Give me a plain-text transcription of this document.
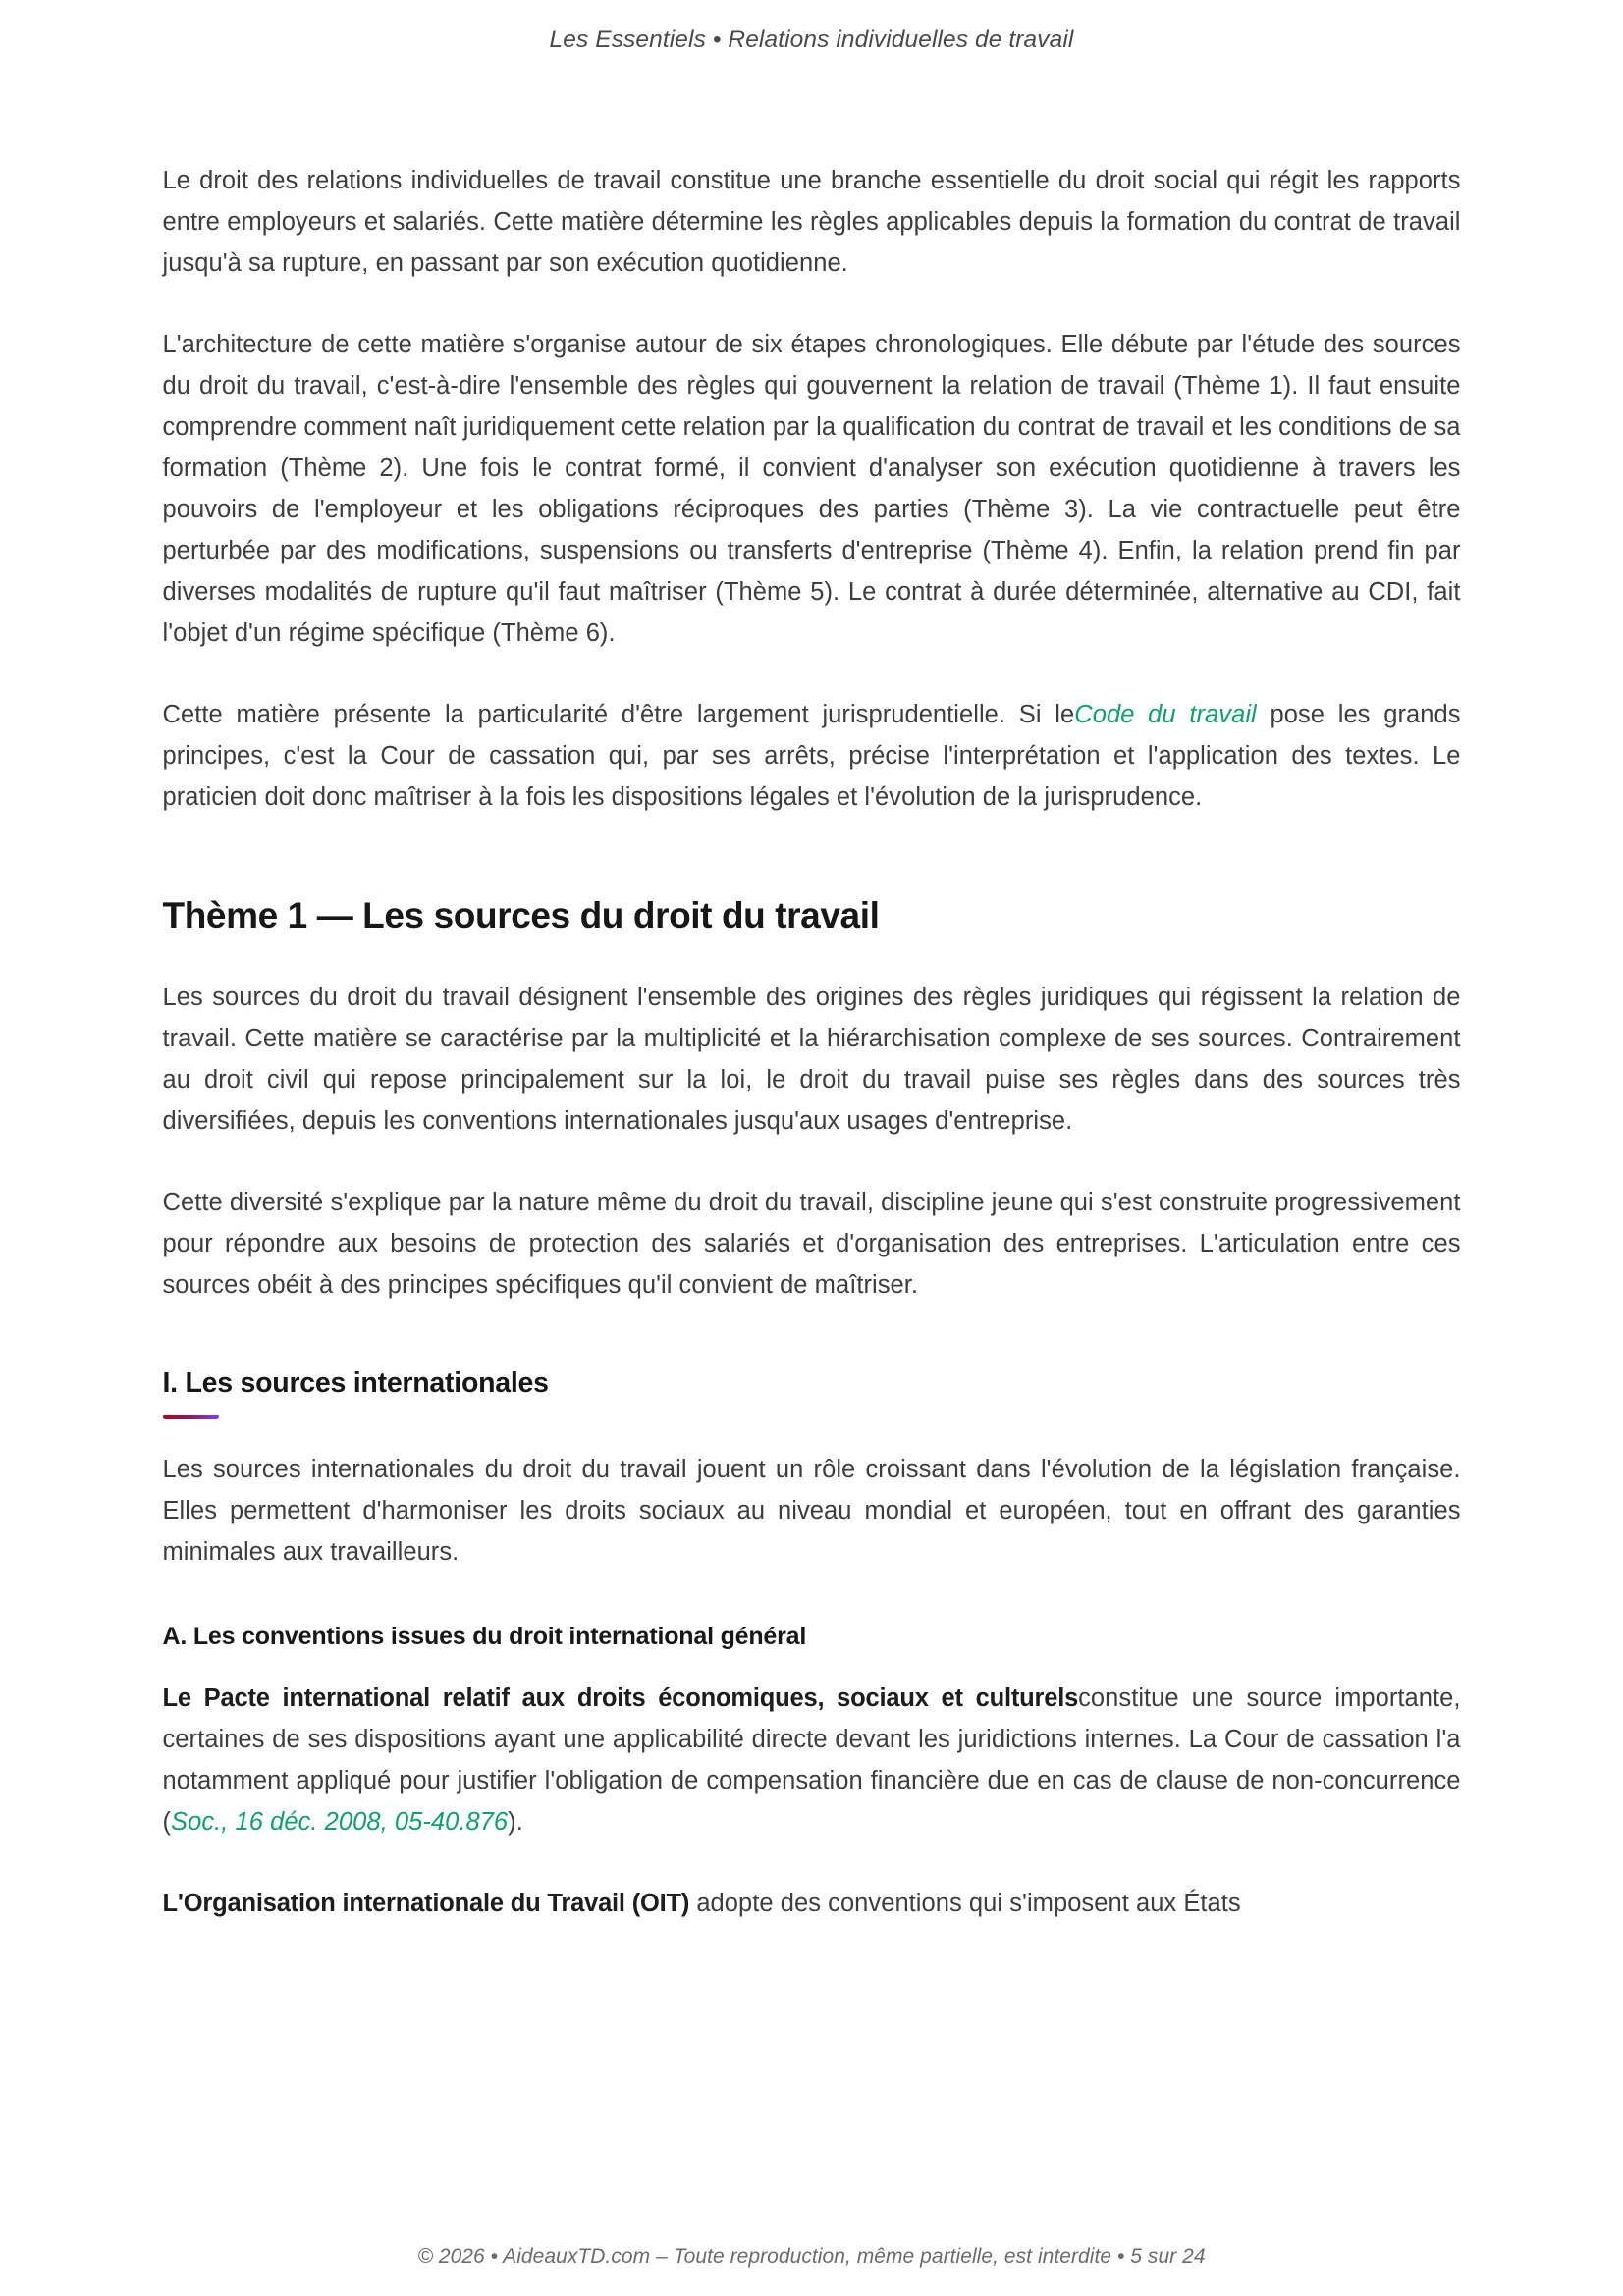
Les Essentiels • Relations individuelles de travail

Le droit des relations individuelles de travail constitue une branche essentielle du droit social qui régit les rapports entre employeurs et salariés. Cette matière détermine les règles applicables depuis la formation du contrat de travail jusqu'à sa rupture, en passant par son exécution quotidienne.

L'architecture de cette matière s'organise autour de six étapes chronologiques. Elle débute par l'étude des sources du droit du travail, c'est-à-dire l'ensemble des règles qui gouvernent la relation de travail (Thème 1). Il faut ensuite comprendre comment naît juridiquement cette relation par la qualification du contrat de travail et les conditions de sa formation (Thème 2). Une fois le contrat formé, il convient d'analyser son exécution quotidienne à travers les pouvoirs de l'employeur et les obligations réciproques des parties (Thème 3). La vie contractuelle peut être perturbée par des modifications, suspensions ou transferts d'entreprise (Thème 4). Enfin, la relation prend fin par diverses modalités de rupture qu'il faut maîtriser (Thème 5). Le contrat à durée déterminée, alternative au CDI, fait l'objet d'un régime spécifique (Thème 6).

Cette matière présente la particularité d'être largement jurisprudentielle. Si leCode du travail pose les grands principes, c'est la Cour de cassation qui, par ses arrêts, précise l'interprétation et l'application des textes. Le praticien doit donc maîtriser à la fois les dispositions légales et l'évolution de la jurisprudence.

Thème 1 — Les sources du droit du travail

Les sources du droit du travail désignent l'ensemble des origines des règles juridiques qui régissent la relation de travail. Cette matière se caractérise par la multiplicité et la hiérarchisation complexe de ses sources. Contrairement au droit civil qui repose principalement sur la loi, le droit du travail puise ses règles dans des sources très diversifiées, depuis les conventions internationales jusqu'aux usages d'entreprise.

Cette diversité s'explique par la nature même du droit du travail, discipline jeune qui s'est construite progressivement pour répondre aux besoins de protection des salariés et d'organisation des entreprises. L'articulation entre ces sources obéit à des principes spécifiques qu'il convient de maîtriser.

I. Les sources internationales

Les sources internationales du droit du travail jouent un rôle croissant dans l'évolution de la législation française. Elles permettent d'harmoniser les droits sociaux au niveau mondial et européen, tout en offrant des garanties minimales aux travailleurs.

A. Les conventions issues du droit international général

Le Pacte international relatif aux droits économiques, sociaux et culturelsconstitue une source importante, certaines de ses dispositions ayant une applicabilité directe devant les juridictions internes. La Cour de cassation l'a notamment appliqué pour justifier l'obligation de compensation financière due en cas de clause de non-concurrence (Soc., 16 déc. 2008, 05-40.876).

L'Organisation internationale du Travail (OIT) adopte des conventions qui s'imposent aux États

© 2026 • AideauxTD.com – Toute reproduction, même partielle, est interdite • 5 sur 24
